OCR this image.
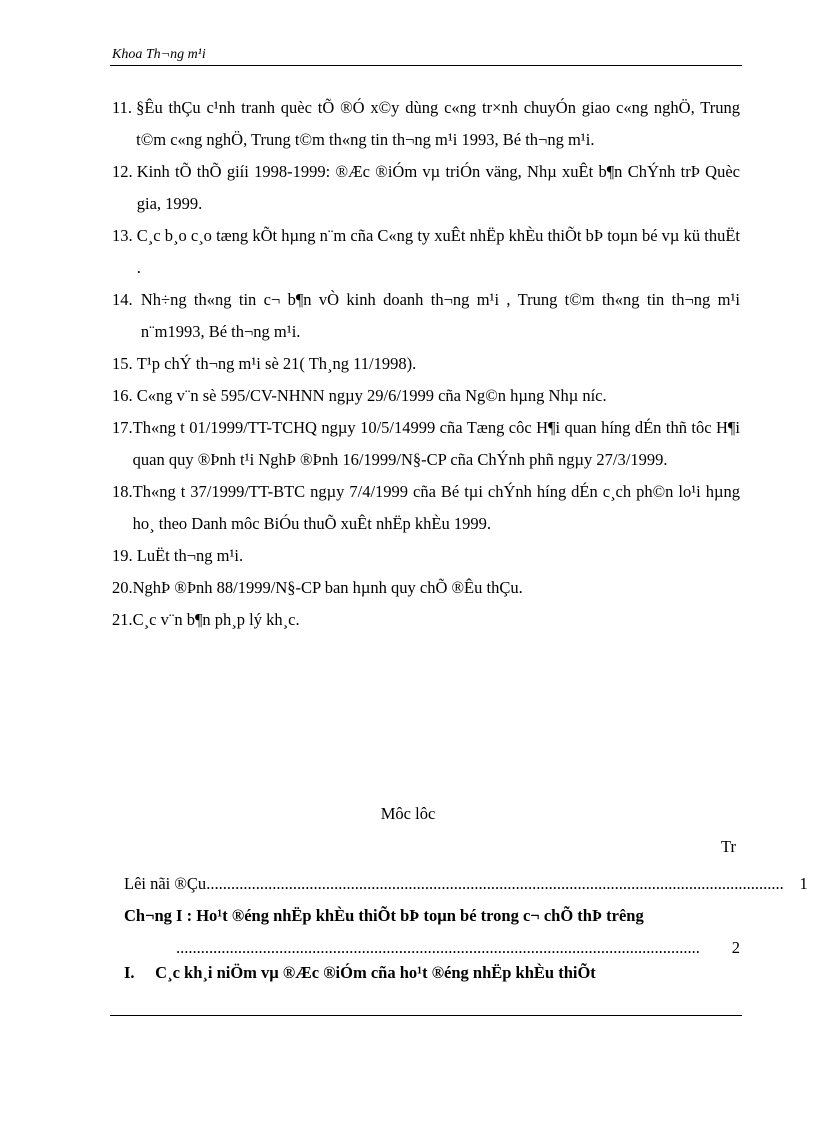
Khoa Th¬ng m¹i
11. §Êu thÇu c¹nh tranh quèc tÕ ®Ó x©y dùng c«ng tr×nh chuyÓn giao c«ng nghÖ, Trung t©m c«ng nghÖ, Trung t©m th«ng tin th¬ng m¹i 1993, Bé th¬ng m¹i.
12. Kinh tÕ thÕ giíi 1998-1999: ®Æc ®iÓm vµ triÓn väng, Nhµ xuÊt b¶n ChÝnh trÞ Quèc gia, 1999.
13. C¸c b¸o c¸o tæng kÕt hµng n¨m cña C«ng ty xuÊt nhËp khÈu thiÕt bÞ toµn bé vµ kü thuËt .
14. Nh÷ng th«ng tin c¬ b¶n vÒ kinh doanh th¬ng m¹i , Trung t©m th«ng tin th¬ng m¹i n¨m1993, Bé th¬ng m¹i.
15. T¹p chÝ th¬ng m¹i sè 21( Th¸ng 11/1998).
16. C«ng v¨n sè 595/CV-NHNN ngµy 29/6/1999 cña Ng©n hµng Nhµ níc.
17. Th«ng t 01/1999/TT-TCHQ ngµy 10/5/14999 cña Tæng côc H¶i quan híng dÉn thñ tôc H¶i quan quy ®Þnh t¹i NghÞ ®Þnh 16/1999/N§-CP cña ChÝnh phñ ngµy 27/3/1999.
18. Th«ng t 37/1999/TT-BTC ngµy 7/4/1999 cña Bé tµi chÝnh híng dÉn c¸ch ph©n lo¹i hµng ho¸ theo Danh môc BiÓu thuÕ xuÊt nhËp khÈu 1999.
19. LuËt th¬ng m¹i.
20. NghÞ ®Þnh 88/1999/N§-CP ban hµnh quy chÕ ®Êu thÇu.
21. C¸c v¨n b¶n ph¸p lý kh¸c.
Môc lôc
Tr
Lêi nãi ®Çu ............................................................................................................................................ 1
Ch¬ng I : Ho¹t ®éng nhËp khÈu thiÕt bÞ toµn bé trong c¬ chÕ thÞ trêng
...............................................................................................................................	2
I. C¸c kh¸i niÖm vµ ®Æc ®iÓm cña ho¹t ®éng nhËp khÈu thiÕt
